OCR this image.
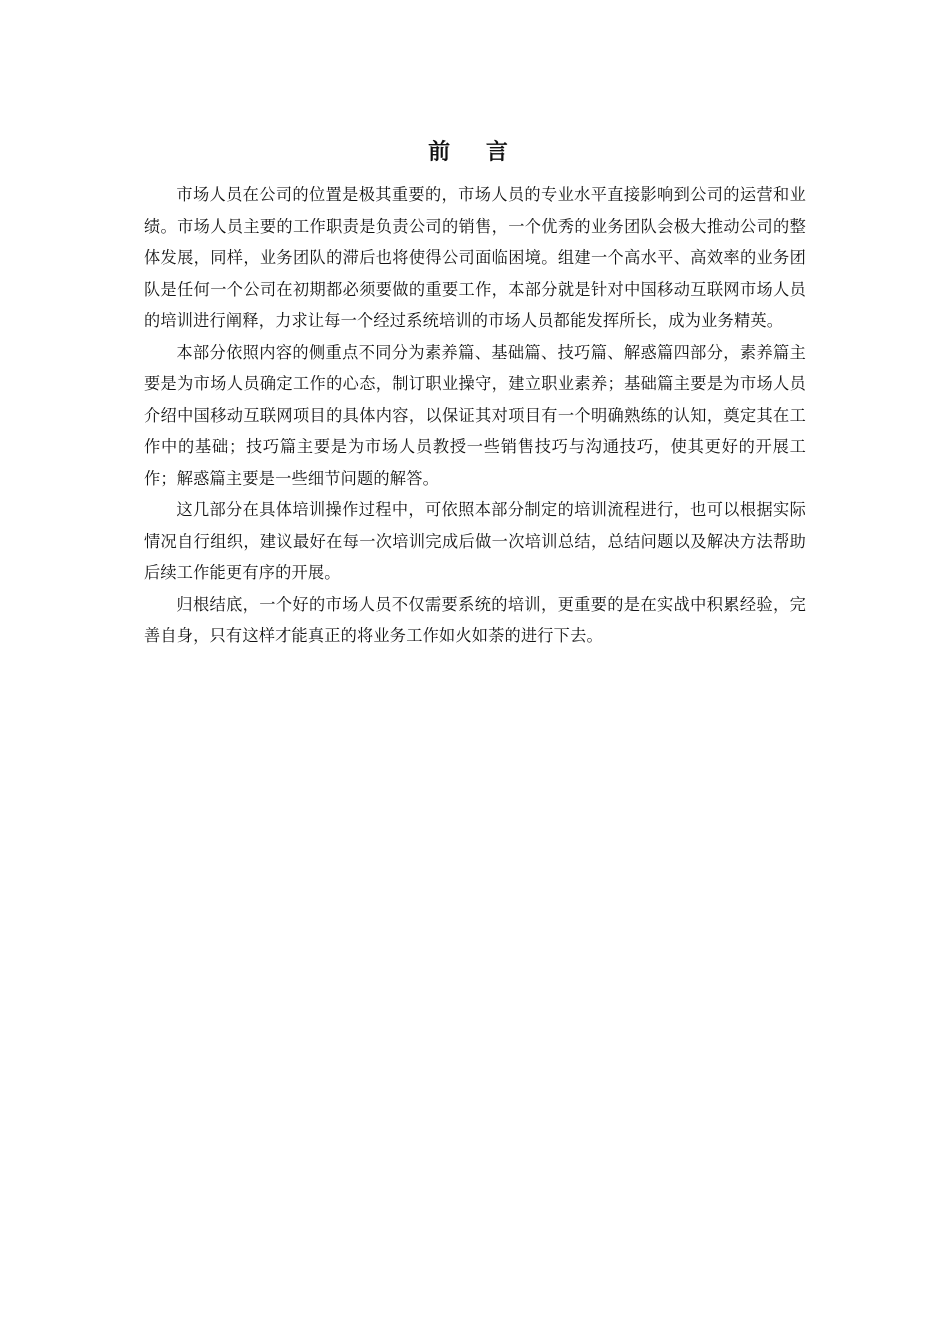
前 言

市场人员在公司的位置是极其重要的，市场人员的专业水平直接影响到公司的运营和业绩。市场人员主要的工作职责是负责公司的销售，一个优秀的业务团队会极大推动公司的整体发展，同样，业务团队的滞后也将使得公司面临困境。组建一个高水平、高效率的业务团队是任何一个公司在初期都必须要做的重要工作，本部分就是针对中国移动互联网市场人员的培训进行阐释，力求让每一个经过系统培训的市场人员都能发挥所长，成为业务精英。

本部分依照内容的侧重点不同分为素养篇、基础篇、技巧篇、解惑篇四部分，素养篇主要是为市场人员确定工作的心态，制订职业操守，建立职业素养；基础篇主要是为市场人员介绍中国移动互联网项目的具体内容，以保证其对项目有一个明确熟练的认知，奠定其在工作中的基础；技巧篇主要是为市场人员教授一些销售技巧与沟通技巧，使其更好的开展工作；解惑篇主要是一些细节问题的解答。

这几部分在具体培训操作过程中，可依照本部分制定的培训流程进行，也可以根据实际情况自行组织，建议最好在每一次培训完成后做一次培训总结，总结问题以及解决方法帮助后续工作能更有序的开展。

归根结底，一个好的市场人员不仅需要系统的培训，更重要的是在实战中积累经验，完善自身，只有这样才能真正的将业务工作如火如荼的进行下去。
